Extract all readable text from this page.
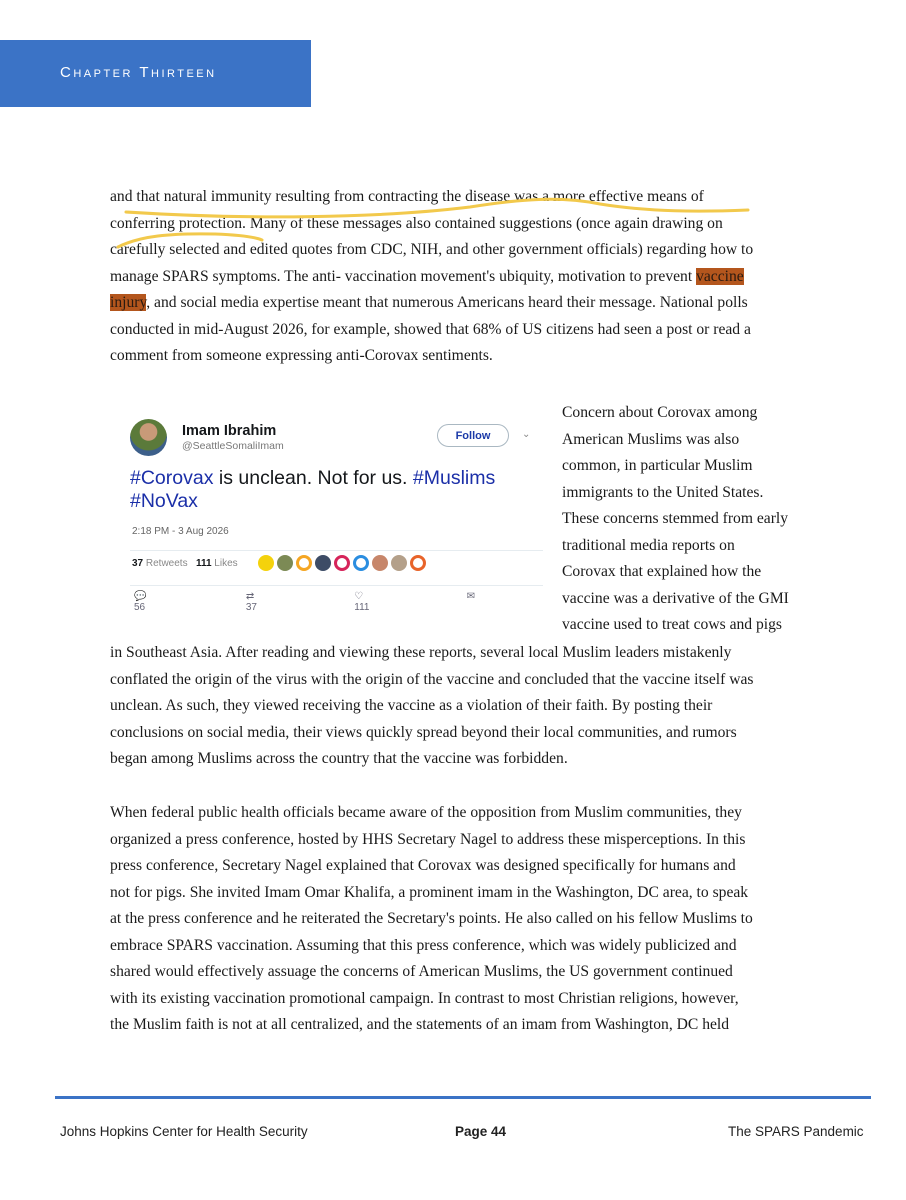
Chapter Thirteen
and that natural immunity resulting from contracting the disease was a more effective means of
conferring protection. Many of these messages also contained suggestions (once again drawing on
carefully selected and edited quotes from CDC, NIH, and other government officials) regarding how to
manage SPARS symptoms. The anti- vaccination movement's ubiquity, motivation to prevent vaccine
injury, and social media expertise meant that numerous Americans heard their message. National polls
conducted in mid-August 2026, for example, showed that 68% of US citizens had seen a post or read a
comment from someone expressing anti-Corovax sentiments.
Imam Ibrahim
@SeattleSomaliImam
Follow	⌄
#Corovax is unclean. Not for us. #Muslims
#NoVax
2:18 PM - 3 Aug 2026
37 Retweets 111 Likes
💬 56
⇄ 37
♡ 111
✉
Concern about Corovax among
American Muslims was also
common, in particular Muslim
immigrants to the United States.
These concerns stemmed from early
traditional media reports on
Corovax that explained how the
vaccine was a derivative of the GMI
vaccine used to treat cows and pigs
in Southeast Asia. After reading and viewing these reports, several local Muslim leaders mistakenly
conflated the origin of the virus with the origin of the vaccine and concluded that the vaccine itself was
unclean. As such, they viewed receiving the vaccine as a violation of their faith. By posting their
conclusions on social media, their views quickly spread beyond their local communities, and rumors
began among Muslims across the country that the vaccine was forbidden.
When federal public health officials became aware of the opposition from Muslim communities, they
organized a press conference, hosted by HHS Secretary Nagel to address these misperceptions. In this
press conference, Secretary Nagel explained that Corovax was designed specifically for humans and
not for pigs. She invited Imam Omar Khalifa, a prominent imam in the Washington, DC area, to speak
at the press conference and he reiterated the Secretary's points. He also called on his fellow Muslims to
embrace SPARS vaccination. Assuming that this press conference, which was widely publicized and
shared would effectively assuage the concerns of American Muslims, the US government continued
with its existing vaccination promotional campaign. In contrast to most Christian religions, however,
the Muslim faith is not at all centralized, and the statements of an imam from Washington, DC held
Johns Hopkins Center for Health Security	Page 44	The SPARS Pandemic
